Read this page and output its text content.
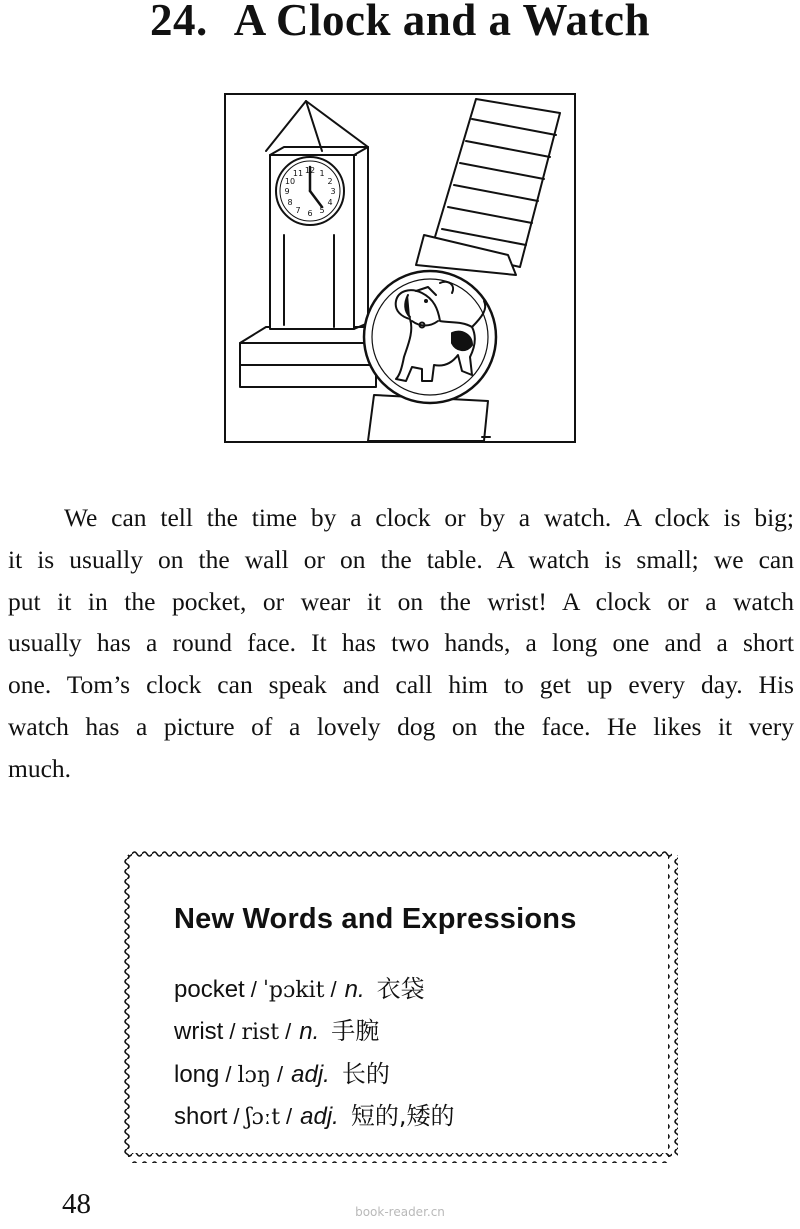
24. A Clock and a Watch
12 1
2
3
4
5
6
7
8
9
10
11
We can tell the time by a clock or by a watch. A clock is big;
it is usually on the wall or on the table. A watch is small; we can
put it in the pocket, or wear it on the wrist! A clock or a watch
usually has a round face. It has two hands, a long one and a short
one. Tom’s clock can speak and call him to get up every day. His
watch has a picture of a lovely dog on the face. He likes it very
much.
New Words and Expressions
pocket / ˈpɔkit / n. 衣袋
wrist / rist / n. 手腕
long / lɔŋ / adj. 长的
short / ʃɔːt / adj. 短的,矮的
48	book-reader.cn
